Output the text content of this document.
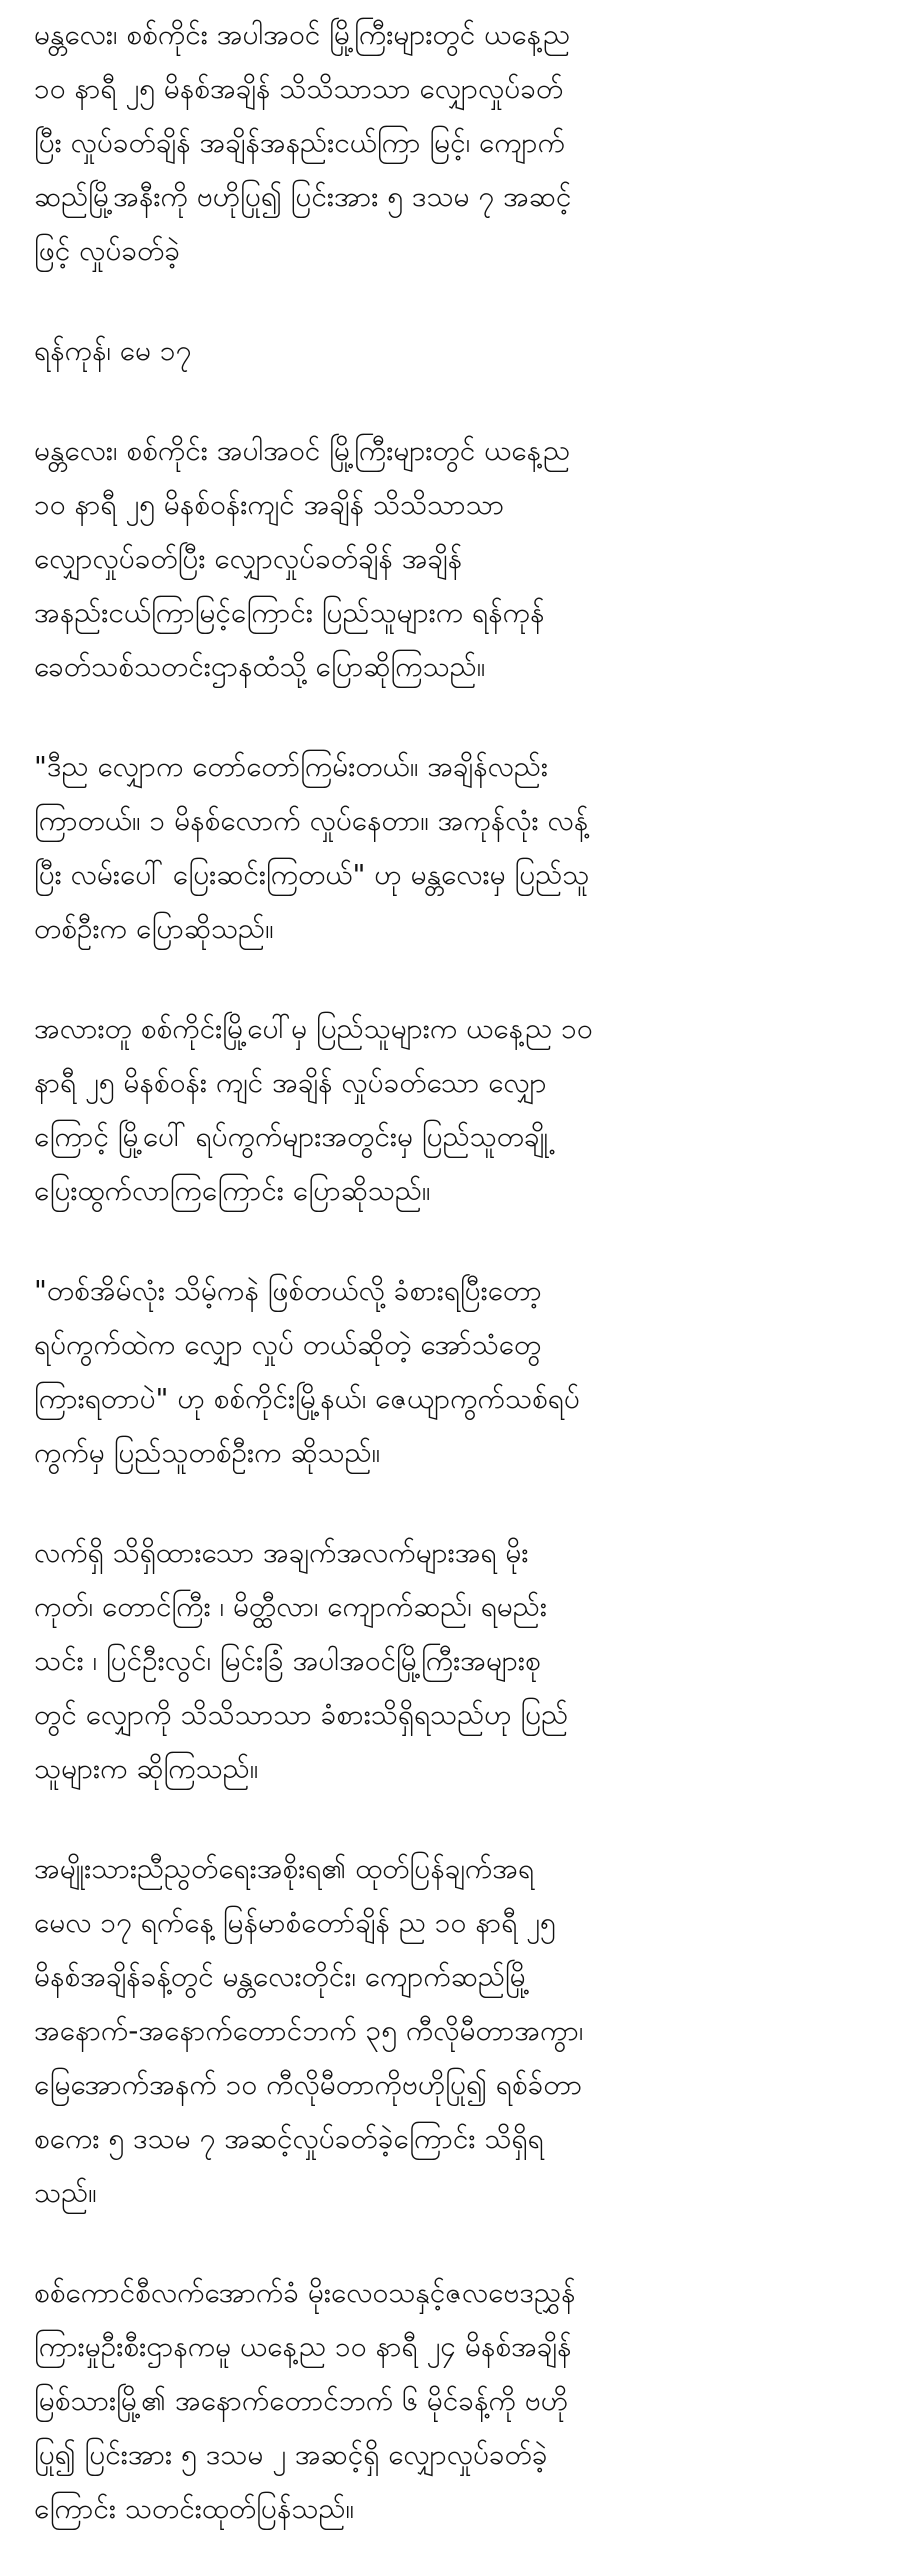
မန္တလေး၊ စစ်ကိုင်း အပါအဝင် မြို့ကြီးများတွင် ယနေ့ည
၁၀ နာရီ ၂၅ မိနစ်အချိန် သိသိသာသာ လျှောလှုပ်ခတ်
ပြီး လှုပ်ခတ်ချိန် အချိန်အနည်းငယ်ကြာ မြင့်၊ ကျောက်
ဆည်မြို့အနီးကို ဗဟိုပြု၍ ပြင်းအား ၅ ဒသမ ၇ အဆင့်
ဖြင့် လှုပ်ခတ်ခဲ့

ရန်ကုန်၊ မေ ၁၇

မန္တလေး၊ စစ်ကိုင်း အပါအဝင် မြို့ကြီးများတွင် ယနေ့ည
၁၀ နာရီ ၂၅ မိနစ်ဝန်းကျင် အချိန် သိသိသာသာ
လျှောလှုပ်ခတ်ပြီး လျှောလှုပ်ခတ်ချိန် အချိန်
အနည်းငယ်ကြာမြင့်ကြောင်း ပြည်သူများက ရန်ကုန်
ခေတ်သစ်သတင်းဌာနထံသို့ ပြောဆိုကြသည်။

"ဒီည လျှောက တော်တော်ကြမ်းတယ်။ အချိန်လည်း
ကြာတယ်။ ၁ မိနစ်လောက် လှုပ်နေတာ။ အကုန်လုံး လန့်
ပြီး လမ်းပေါ် ပြေးဆင်းကြတယ်" ဟု မန္တလေးမှ ပြည်သူ
တစ်ဦးက ပြောဆိုသည်။

အလားတူ စစ်ကိုင်းမြို့ပေါ်မှ ပြည်သူများက ယနေ့ည ၁၀
နာရီ ၂၅ မိနစ်ဝန်း ကျင် အချိန် လှုပ်ခတ်သော လျှော
ကြောင့် မြို့ပေါ် ရပ်ကွက်များအတွင်းမှ ပြည်သူတချို့
ပြေးထွက်လာကြကြောင်း ပြောဆိုသည်။

"တစ်အိမ်လုံး သိမ့်ကနဲ ဖြစ်တယ်လို့ ခံစားရပြီးတော့
ရပ်ကွက်ထဲက လျှော လှုပ် တယ်ဆိုတဲ့ အော်သံတွေ
ကြားရတာပဲ" ဟု စစ်ကိုင်းမြို့နယ်၊ ဇေယျာကွက်သစ်ရပ်
ကွက်မှ ပြည်သူတစ်ဦးက ဆိုသည်။

လက်ရှိ သိရှိထားသော အချက်အလက်များအရ မိုး
ကုတ်၊ တောင်ကြီး ၊ မိတ္ထီလာ၊ ကျောက်ဆည်၊ ရမည်း
သင်း ၊ ပြင်ဦးလွင်၊ မြင်းခြံ အပါအဝင်မြို့ကြီးအများစု
တွင် လျှောကို သိသိသာသာ ခံစားသိရှိရသည်ဟု ပြည်
သူများက ဆိုကြသည်။

အမျိုးသားညီညွတ်ရေးအစိုးရ၏ ထုတ်ပြန်ချက်အရ
မေလ ၁၇ ရက်နေ့ မြန်မာစံတော်ချိန် ည ၁၀ နာရီ ၂၅
မိနစ်အချိန်ခန့်တွင် မန္တလေးတိုင်း၊ ကျောက်ဆည်မြို့
အနောက်-အနောက်တောင်ဘက် ၃၅ ကီလိုမီတာအကွာ၊
မြေအောက်အနက် ၁၀ ကီလိုမီတာကိုဗဟိုပြု၍ ရစ်ခ်တာ
စကေး ၅ ဒသမ ၇ အဆင့်လှုပ်ခတ်ခဲ့ကြောင်း သိရှိရ
သည်။

စစ်ကောင်စီလက်အောက်ခံ မိုးလေဝသနှင့်ဇလဗေဒညွှန်
ကြားမှုဦးစီးဌာနကမူ ယနေ့ည ၁၀ နာရီ ၂၄ မိနစ်အချိန်
မြစ်သားမြို့၏ အနောက်တောင်ဘက် ၆ မိုင်ခန့်ကို ဗဟို
ပြု၍ ပြင်းအား ၅ ဒသမ ၂ အဆင့်ရှိ လျှောလှုပ်ခတ်ခဲ့
ကြောင်း သတင်းထုတ်ပြန်သည်။
